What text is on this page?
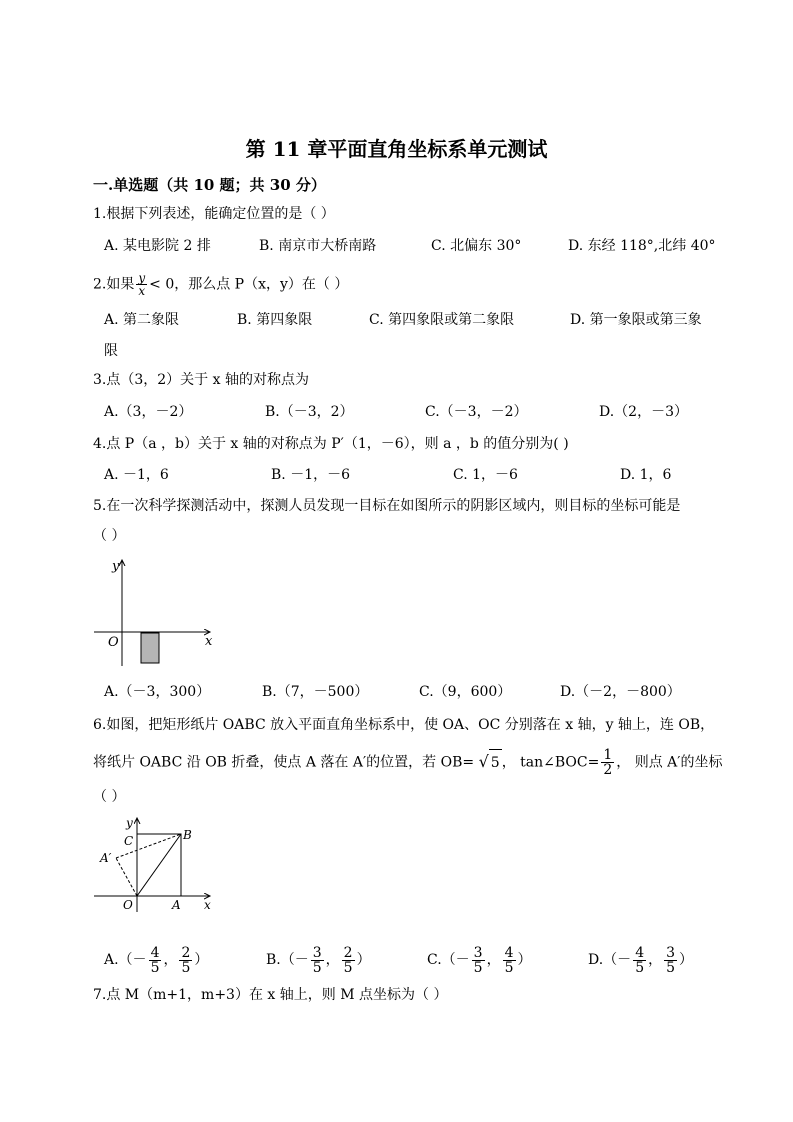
第 11 章平面直角坐标系单元测试
一.单选题（共 10 题；共 30 分）
1.根据下列表述，能确定位置的是（ ）
A. 某电影院 2 排	B. 南京市大桥南路	C. 北偏东 30°	D. 东经 118°,北纬 40°
2.如果 $\frac{y}{x} < 0$，那么点 P（x，y）在（ ）
A. 第二象限	B. 第四象限	C. 第四象限或第二象限	D. 第一象限或第三象
限
3.点（3，2）关于 x 轴的对称点为
A.（3，－2）	B.（－3，2）	C.（－3，－2）	D.（2，－3）
4.点 P（a ，b）关于 x 轴的对称点为 P′（1，－6），则 a ，b 的值分别为( )
A. －1，6	B. －1，－6	C. 1，－6	D. 1，6
5.在一次科学探测活动中，探测人员发现一目标在如图所示的阴影区域内，则目标的坐标可能是
（ ）
y
x
O
A.（－3，300）	B.（7，－500）	C.（9，600）	D.（－2，－800）
6.如图，把矩形纸片 OABC 放入平面直角坐标系中，使 OA、OC 分别落在 x 轴，y 轴上，连 OB，
将纸片 OABC 沿 OB 折叠，使点 A 落在 A′的位置，若 OB= √ 5 ， tan∠BOC= $\frac{1}{2}$ ， 则点 A′的坐标
（ ）
y
x
O	A
B
C
A′
$A.(- \frac{4}{5}$ ， $\frac{2}{5}$ ）	$B.(- \frac{3}{5}$ ， $\frac{2}{5}$ ）	$C.(- \frac{3}{5}$ ， $\frac{4}{5}$ ）	$D.(- \frac{4}{5}$ ， $\frac{3}{5}$ ）
7.点 M（m+1，m+3）在 x 轴上，则 M 点坐标为（ ）
